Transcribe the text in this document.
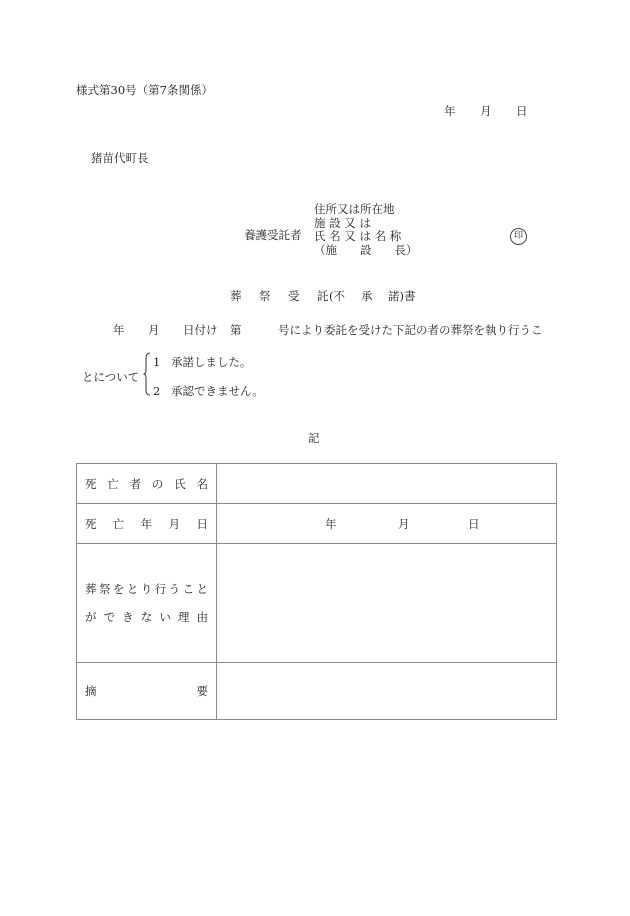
様式第30号（第7条関係）
年 月 日
猪苗代町長
養護受託者
住所又は所在地
施 設 又 は
氏 名 又 は 名 称
（施　　設　　長）
印
葬 祭 受 託 (不 承 諾)書
年 月 日付け 第	号により委託を受けた下記の者の葬祭を執り行うこ
とについて
1 承諾しました。
2 承認できません。
記
死 亡 者 の 氏 名

死 亡 年 月 日	年 月 日

葬 祭 を と り 行 う こ と
が で き な い 理 由

摘 要	
